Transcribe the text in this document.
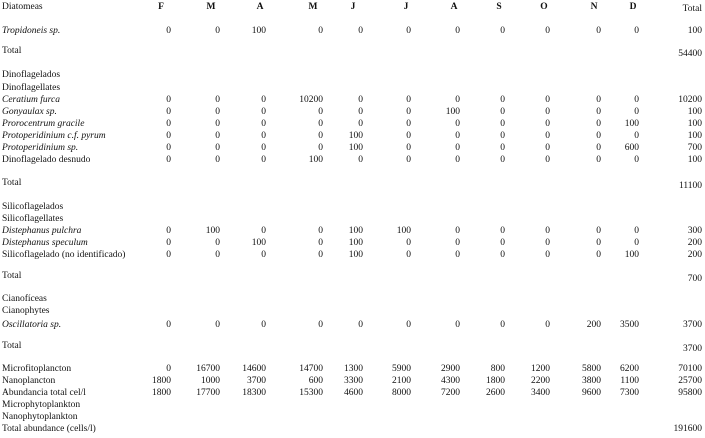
Diatomeas	F	M	A	M	J	J	A	S	O	N	D	Total
Tropidoneis sp.	0	0	100	0	0	0	0	0	0	0	0	100
Total	54400
Dinoflagelados
Dinoflagellates
Ceratium furca	0	0	0	10200	0	0	0	0	0	0	0	10200
Gonyaulax sp.	0	0	0	0	0	0	100	0	0	0	0	100
Prorocentrum gracile	0	0	0	0	0	0	0	0	0	0	100	100
Protoperidinium c.f. pyrum	0	0	0	0	100	0	0	0	0	0	0	100
Protoperidinium sp.	0	0	0	0	100	0	0	0	0	0	600	700
Dinoflagelado desnudo	0	0	0	100	0	0	0	0	0	0	0	100
Total	11100
Silicoflagelados
Silicoflagellates
Distephanus pulchra	0	100	0	0	100	100	0	0	0	0	0	300
Distephanus speculum	0	0	100	0	100	0	0	0	0	0	0	200
Silicoflagelado (no identificado)	0	0	0	0	100	0	0	0	0	0	100	200
Total	700
Cianofíceas
Cianophytes
Oscillatoria sp.	0	0	0	0	0	0	0	0	0	200	3500	3700
Total	3700
Microfitoplancton	0	16700	14600	14700	1300	5900	2900	800	1200	5800	6200	70100
Nanoplancton	1800	1000	3700	600	3300	2100	4300	1800	2200	3800	1100	25700
Abundancia total cel/l	1800	17700	18300	15300	4600	8000	7200	2600	3400	9600	7300	95800
Microphytoplankton
Nanophytoplankton
Total abundance (cells/l)	191600
